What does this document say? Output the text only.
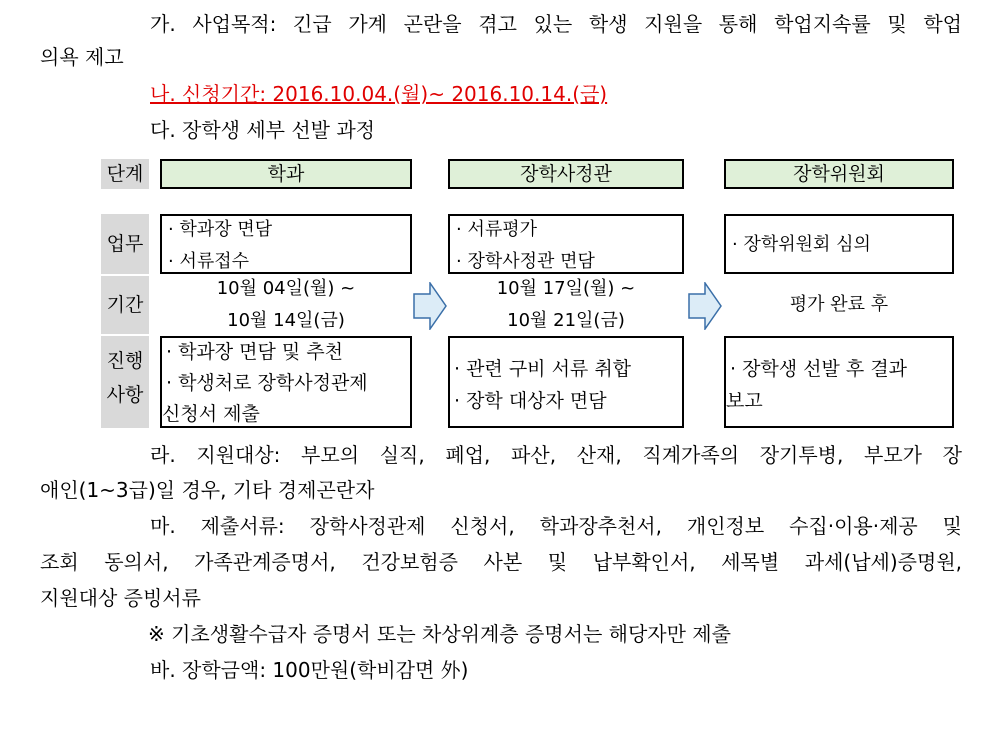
가. 사업목적: 긴급 가계 곤란을 겪고 있는 학생 지원을 통해 학업지속률 및 학업
의욕 제고
나. 신청기간: 2016.10.04.(월)~ 2016.10.14.(금)
다. 장학생 세부 선발 과정
단계
업무
기간
진행
사항
학과	장학사정관	장학위원회
· 학과장 면담
· 서류접수
· 서류평가
· 장학사정관 면담
· 장학위원회 심의
10월 04일(월) ~
10월 14일(금)
10월 17일(월) ~
10월 21일(금)
평가 완료 후
· 학과장 면담 및 추천
· 학생처로 장학사정관제
신청서 제출
· 관련 구비 서류 취합
· 장학 대상자 면담
· 장학생 선발 후 결과
보고
라. 지원대상: 부모의 실직, 폐업, 파산, 산재, 직계가족의 장기투병, 부모가 장
애인(1~3급)일 경우, 기타 경제곤란자
마. 제출서류: 장학사정관제 신청서, 학과장추천서, 개인정보 수집·이용·제공 및
조회 동의서, 가족관계증명서, 건강보험증 사본 및 납부확인서, 세목별 과세(납세)증명원,
지원대상 증빙서류
※ 기초생활수급자 증명서 또는 차상위계층 증명서는 해당자만 제출
바. 장학금액: 100만원(학비감면 外)
